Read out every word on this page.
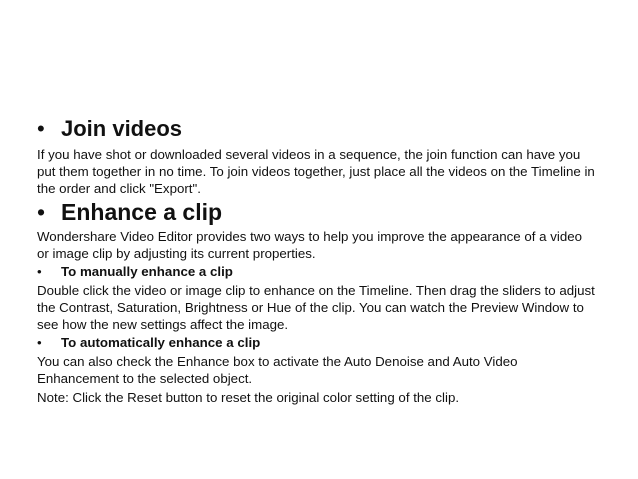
• Join videos

If you have shot or downloaded several videos in a sequence, the join function can have you put them together in no time. To join videos together, just place all the videos on the Timeline in the order and click "Export".

• Enhance a clip

Wondershare Video Editor provides two ways to help you improve the appearance of a video or image clip by adjusting its current properties.

•	To manually enhance a clip

Double click the video or image clip to enhance on the Timeline. Then drag the sliders to adjust the Contrast, Saturation, Brightness or Hue of the clip. You can watch the Preview Window to see how the new settings affect the image.

•	To automatically enhance a clip

You can also check the Enhance box to activate the Auto Denoise and Auto Video Enhancement to the selected object.

Note: Click the Reset button to reset the original color setting of the clip.
